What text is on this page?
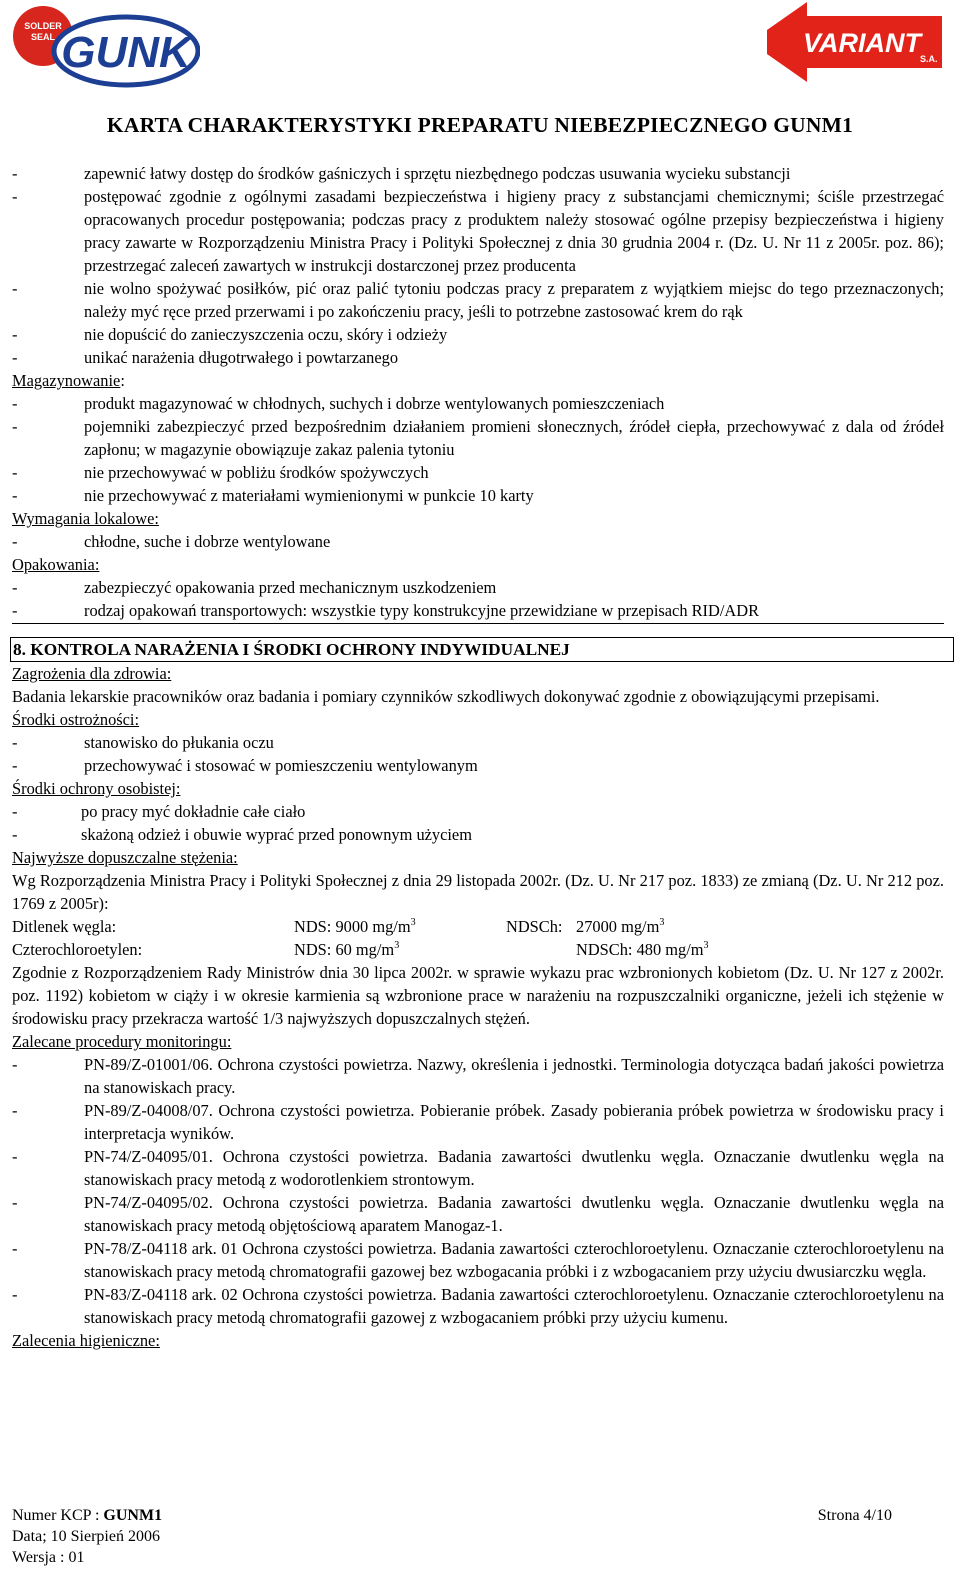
SOLDER
SEAL GUNK	VARIANT
S.A.
KARTA CHARAKTERYSTYKI PREPARATU NIEBEZPIECZNEGO GUNM1
-	zapewnić łatwy dostęp do środków gaśniczych i sprzętu niezbędnego podczas usuwania wycieku substancji
-	postępować zgodnie z ogólnymi zasadami bezpieczeństwa i higieny pracy z substancjami chemicznymi; ściśle przestrzegać opracowanych procedur postępowania; podczas pracy z produktem należy stosować ogólne przepisy bezpieczeństwa i higieny pracy zawarte w Rozporządzeniu Ministra Pracy i Polityki Społecznej z dnia 30 grudnia 2004 r. (Dz. U. Nr 11 z 2005r. poz. 86); przestrzegać zaleceń zawartych w instrukcji dostarczonej przez producenta
-	nie wolno spożywać posiłków, pić oraz palić tytoniu podczas pracy z preparatem z wyjątkiem miejsc do tego przeznaczonych; należy myć ręce przed przerwami i po zakończeniu pracy, jeśli to potrzebne zastosować krem do rąk
-	nie dopuścić do zanieczyszczenia oczu, skóry i odzieży
-	unikać narażenia długotrwałego i powtarzanego
Magazynowanie:
-	produkt magazynować w chłodnych, suchych i dobrze wentylowanych pomieszczeniach
-	pojemniki zabezpieczyć przed bezpośrednim działaniem promieni słonecznych, źródeł ciepła, przechowywać z dala od źródeł zapłonu; w magazynie obowiązuje zakaz palenia tytoniu
-	nie przechowywać w pobliżu środków spożywczych
-	nie przechowywać z materiałami wymienionymi w punkcie 10 karty
Wymagania lokalowe:
-	chłodne, suche i dobrze wentylowane
Opakowania:
-	zabezpieczyć opakowania przed mechanicznym uszkodzeniem
-	rodzaj opakowań transportowych: wszystkie typy konstrukcyjne przewidziane w przepisach RID/ADR
8. KONTROLA NARAŻENIA I ŚRODKI OCHRONY INDYWIDUALNEJ
Zagrożenia dla zdrowia:
Badania lekarskie pracowników oraz badania i pomiary czynników szkodliwych dokonywać zgodnie z obowiązującymi przepisami.
Środki ostrożności:
-	stanowisko do płukania oczu
-	przechowywać i stosować w pomieszczeniu wentylowanym
Środki ochrony osobistej:
-	po pracy myć dokładnie całe ciało
-	skażoną odzież i obuwie wyprać przed ponownym użyciem
Najwyższe dopuszczalne stężenia:
Wg Rozporządzenia Ministra Pracy i Polityki Społecznej z dnia 29 listopada 2002r. (Dz. U. Nr 217 poz. 1833) ze zmianą (Dz. U. Nr 212 poz. 1769 z 2005r):
Ditlenek węgla:	NDS: 9000 $mg/m^3$	NDSCh: 27000 $mg/m^3$
Czterochloroetylen:	NDS: 60 $mg/m^3$	NDSCh: 480 $mg/m^3$
Zgodnie z Rozporządzeniem Rady Ministrów dnia 30 lipca 2002r. w sprawie wykazu prac wzbronionych kobietom (Dz. U. Nr 127 z 2002r. poz. 1192) kobietom w ciąży i w okresie karmienia są wzbronione prace w narażeniu na rozpuszczalniki organiczne, jeżeli ich stężenie w środowisku pracy przekracza wartość 1/3 najwyższych dopuszczalnych stężeń.
Zalecane procedury monitoringu:
-	PN-89/Z-01001/06. Ochrona czystości powietrza. Nazwy, określenia i jednostki. Terminologia dotycząca badań jakości powietrza na stanowiskach pracy.
-	PN-89/Z-04008/07. Ochrona czystości powietrza. Pobieranie próbek. Zasady pobierania próbek powietrza w środowisku pracy i interpretacja wyników.
-	PN-74/Z-04095/01. Ochrona czystości powietrza. Badania zawartości dwutlenku węgla. Oznaczanie dwutlenku węgla na stanowiskach pracy metodą z wodorotlenkiem strontowym.
-	PN-74/Z-04095/02. Ochrona czystości powietrza. Badania zawartości dwutlenku węgla. Oznaczanie dwutlenku węgla na stanowiskach pracy metodą objętościową aparatem Manogaz-1.
-	PN-78/Z-04118 ark. 01 Ochrona czystości powietrza. Badania zawartości czterochloroetylenu. Oznaczanie czterochloroetylenu na stanowiskach pracy metodą chromatografii gazowej bez wzbogacania próbki i z wzbogacaniem przy użyciu dwusiarczku węgla.
-	PN-83/Z-04118 ark. 02 Ochrona czystości powietrza. Badania zawartości czterochloroetylenu. Oznaczanie czterochloroetylenu na stanowiskach pracy metodą chromatografii gazowej z wzbogacaniem próbki przy użyciu kumenu.
Zalecenia higieniczne:
Numer KCP : GUNM1	Strona 4/10
Data; 10 Sierpień 2006
Wersja : 01
